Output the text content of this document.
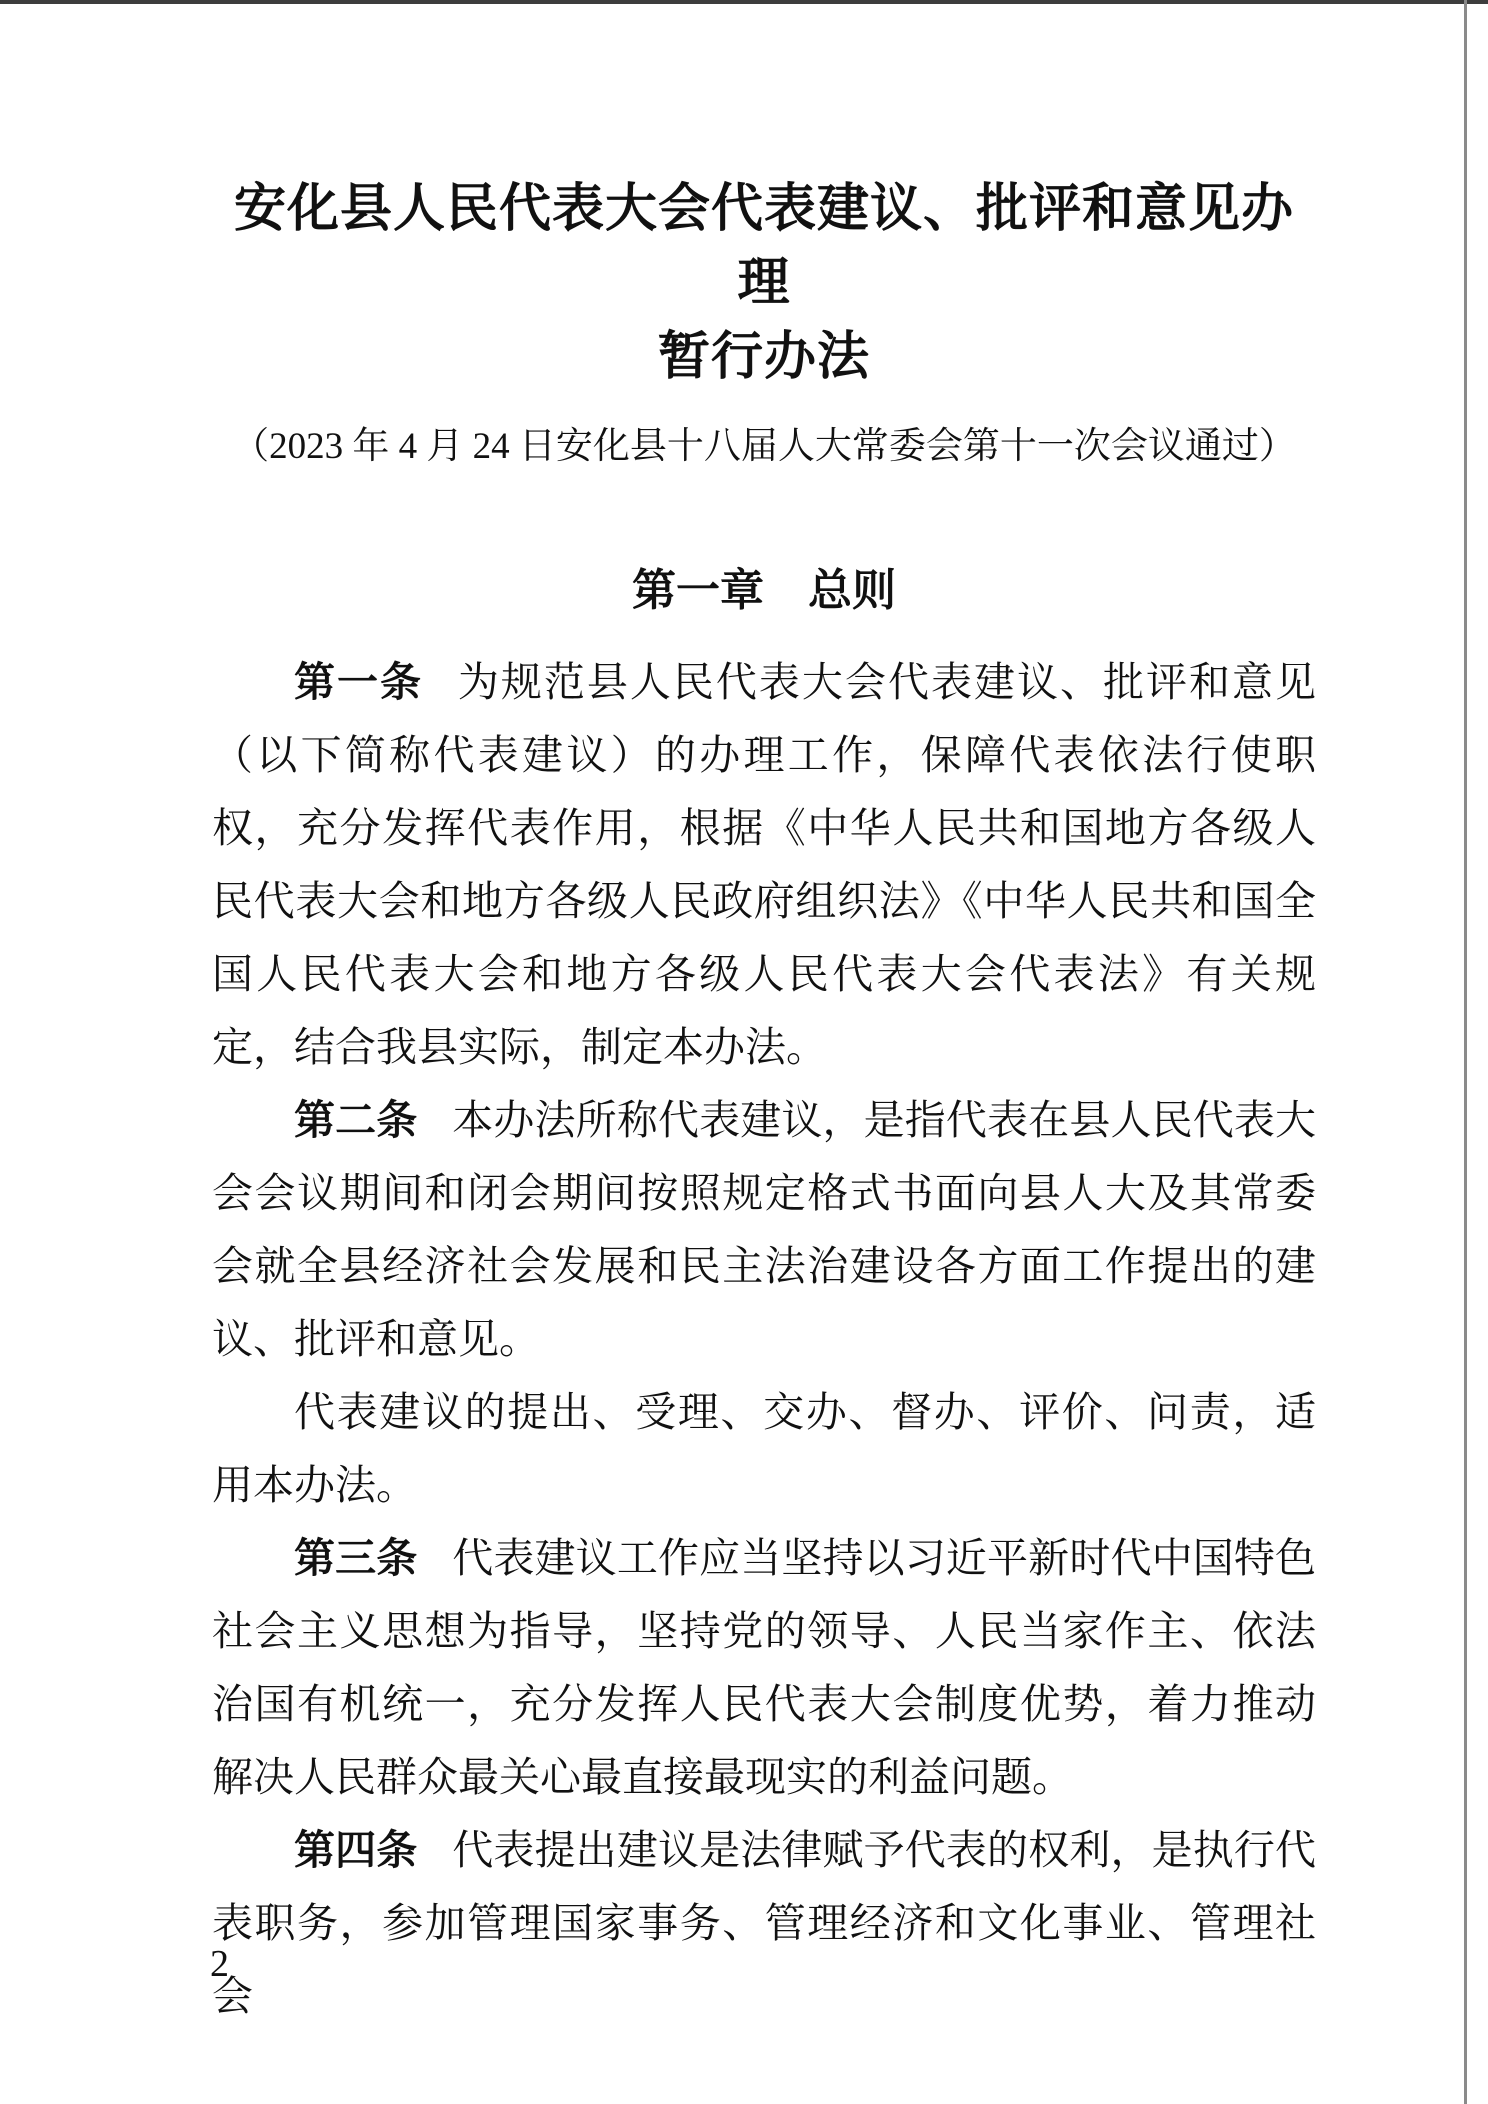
安化县人民代表大会代表建议、批评和意见办理
暂行办法
（2023 年 4 月 24 日安化县十八届人大常委会第十一次会议通过）
第一章　总则

第一条 为规范县人民代表大会代表建议、批评和意见（以下简称代表建议）的办理工作，保障代表依法行使职权，充分发挥代表作用，根据《中华人民共和国地方各级人民代表大会和地方各级人民政府组织法》《中华人民共和国全国人民代表大会和地方各级人民代表大会代表法》有关规定，结合我县实际，制定本办法。

第二条 本办法所称代表建议，是指代表在县人民代表大会会议期间和闭会期间按照规定格式书面向县人大及其常委会就全县经济社会发展和民主法治建设各方面工作提出的建议、批评和意见。

代表建议的提出、受理、交办、督办、评价、问责，适用本办法。

第三条 代表建议工作应当坚持以习近平新时代中国特色社会主义思想为指导，坚持党的领导、人民当家作主、依法治国有机统一，充分发挥人民代表大会制度优势，着力推动解决人民群众最关心最直接最现实的利益问题。

第四条 代表提出建议是法律赋予代表的权利，是执行代表职务，参加管理国家事务、管理经济和文化事业、管理社会

2
